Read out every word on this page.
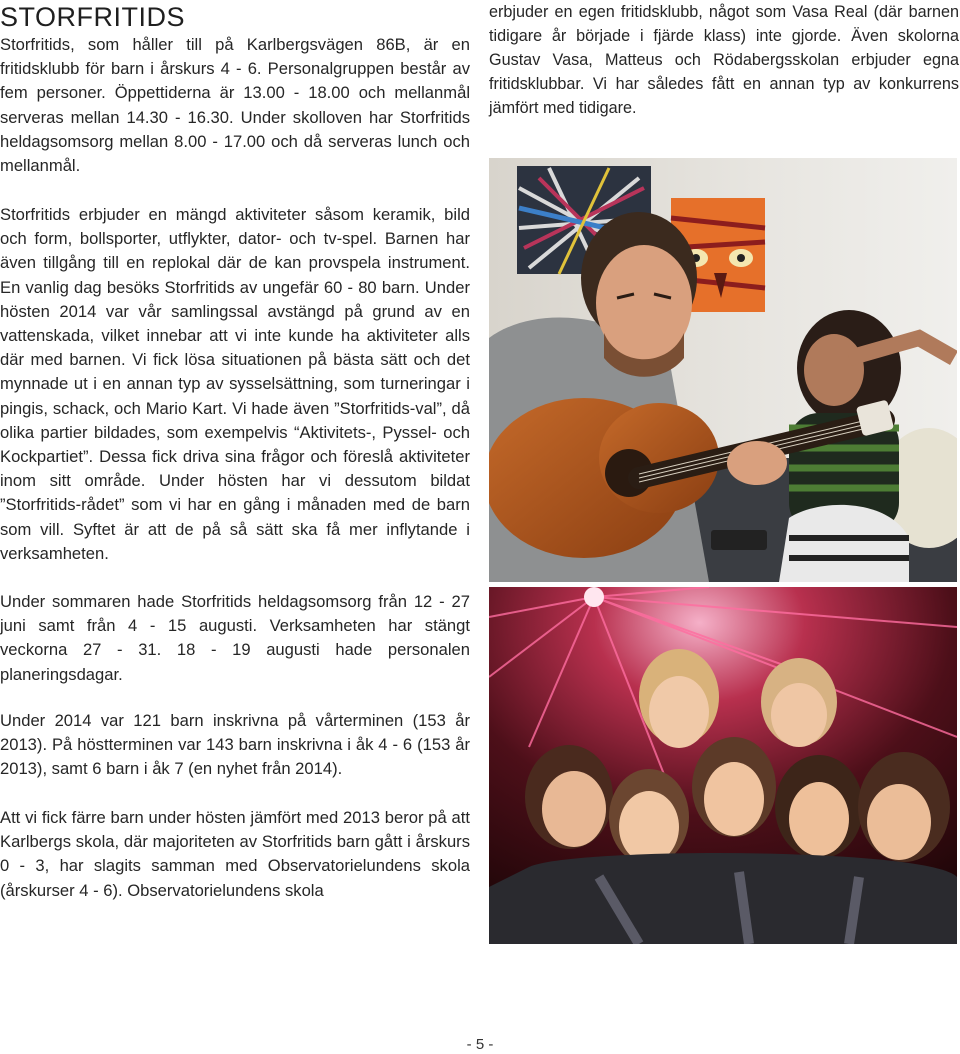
STORFRITIDS

Storfritids, som håller till på Karlbergsvägen 86B, är en fritidsklubb för barn i årskurs 4 - 6. Personalgruppen består av fem personer. Öppettiderna är 13.00 - 18.00 och mellanmål serveras mellan 14.30 - 16.30. Under skolloven har Storfritids heldagsomsorg mellan 8.00 - 17.00 och då serveras lunch och mellanmål.

Storfritids erbjuder en mängd aktiviteter såsom keramik, bild och form, bollsporter, utflykter, dator- och tv-spel. Barnen har även tillgång till en replokal där de kan provspela instrument. En vanlig dag besöks Storfritids av ungefär 60 - 80 barn. Under hösten 2014 var vår samlingssal avstängd på grund av en vattenskada, vilket innebar att vi inte kunde ha aktiviteter alls där med barnen. Vi fick lösa situationen på bästa sätt och det mynnade ut i en annan typ av sysselsättning, som turneringar i pingis, schack, och Mario Kart. Vi hade även ”Storfritids-val”, då olika partier bildades, som exempelvis “Aktivitets-, Pyssel- och Kockpartiet”. Dessa fick driva sina frågor och föreslå aktiviteter inom sitt område. Under hösten har vi dessutom bildat ”Storfritids-rådet” som vi har en gång i månaden med de barn som vill. Syftet är att de på så sätt ska få mer inflytande i verksamheten.

Under sommaren hade Storfritids heldagsomsorg från 12 - 27 juni samt från 4 - 15 augusti. Verksamheten har stängt veckorna 27 - 31. 18 - 19 augusti hade personalen planeringsdagar.

Under 2014 var 121 barn inskrivna på vårterminen (153 år 2013). På höstterminen var 143 barn inskrivna i åk 4 - 6 (153 år 2013), samt 6 barn i åk 7 (en nyhet från 2014).

Att vi fick färre barn under hösten jämfört med 2013 beror på att Karlbergs skola, där majoriteten av Storfritids barn gått i årskurs 0 - 3, har slagits samman med Observatorielundens skola (årskurser 4 - 6). Observatorielundens skola

erbjuder en egen fritidsklubb, något som Vasa Real (där barnen tidigare år började i fjärde klass) inte gjorde. Även skolorna Gustav Vasa, Matteus och Rödabergsskolan erbjuder egna fritidsklubbar. Vi har således fått en annan typ av konkurrens jämfört med tidigare.

- 5 -
